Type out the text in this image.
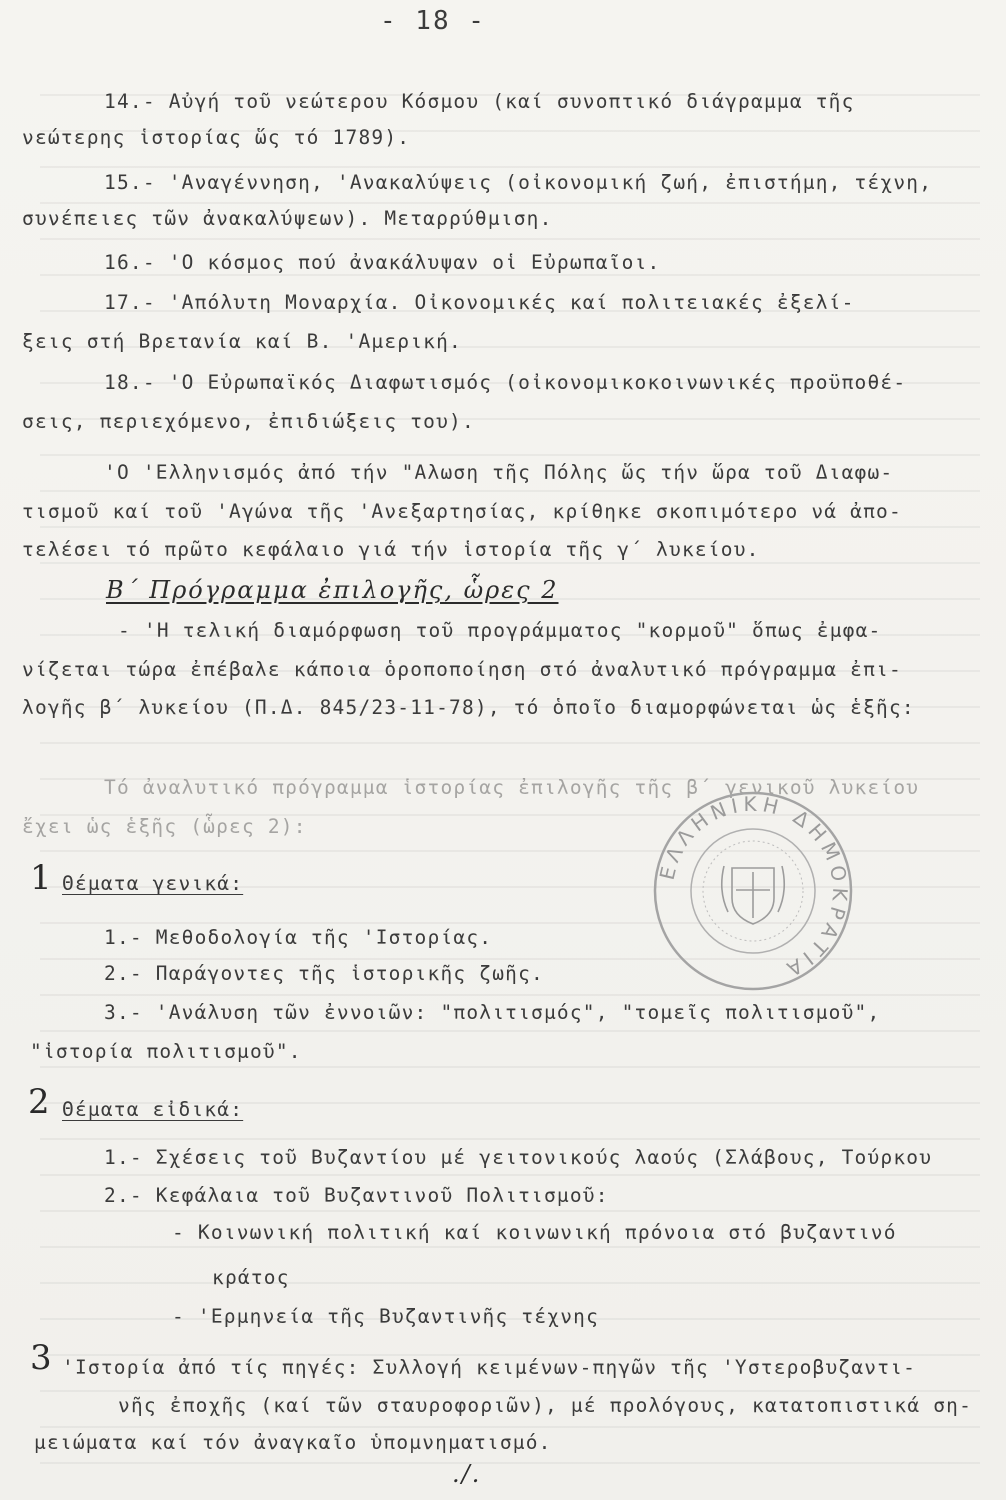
- 18 -
14.- Αὐγή τοῦ νεώτερου Κόσμου (καί συνοπτικό διάγραμμα τῆς
νεώτερης ἱστορίας ὥς τό 1789).
15.- 'Αναγέννηση, 'Ανακαλύψεις (οἰκονομική ζωή, ἐπιστήμη, τέχνη,
συνέπειες τῶν ἀνακαλύψεων). Μεταρρύθμιση.
16.- 'Ο κόσμος πού ἀνακάλυψαν οἱ Εὐρωπαῖοι.
17.- 'Απόλυτη Μοναρχία. Οἰκονομικές καί πολιτειακές ἐξελί-
ξεις στή Βρετανία καί Β. 'Αμερική.
18.- 'Ο Εὐρωπαϊκός Διαφωτισμός (οἰκονομικοκοινωνικές προϋποθέ-
σεις, περιεχόμενο, ἐπιδιώξεις του).
'Ο 'Ελληνισμός ἀπό τήν "Αλωση τῆς Πόλης ὥς τήν ὥρα τοῦ Διαφω-
τισμοῦ καί τοῦ 'Αγώνα τῆς 'Ανεξαρτησίας, κρίθηκε σκοπιμότερο νά ἀπο-
τελέσει τό πρῶτο κεφάλαιο γιά τήν ἱστορία τῆς γ΄ λυκείου.
Β΄ Πρόγραμμα ἐπιλογῆς, ὧρες 2
- 'Η τελική διαμόρφωση τοῦ προγράμματος "κορμοῦ" ὅπως ἐμφα-
νίζεται τώρα ἐπέβαλε κάποια ὁροποποίηση στό ἀναλυτικό πρόγραμμα ἐπι-
λογῆς β΄ λυκείου (Π.Δ. 845/23-11-78), τό ὁποῖο διαμορφώνεται ὡς ἑξῆς:
Τό ἀναλυτικό πρόγραμμα ἱστορίας ἐπιλογῆς τῆς β΄ γενικοῦ λυκείου
ἔχει ὡς ἑξῆς (ὧρες 2):
1 Θέματα γενικά:
1.- Μεθοδολογία τῆς 'Ιστορίας.
2.- Παράγοντες τῆς ἱστορικῆς ζωῆς.
3.- 'Ανάλυση τῶν ἐννοιῶν: "πολιτισμός", "τομεῖς πολιτισμοῦ",
"ἱστορία πολιτισμοῦ".
2 Θέματα εἰδικά:
1.- Σχέσεις τοῦ Βυζαντίου μέ γειτονικούς λαούς (Σλάβους, Τούρκου
2.- Κεφάλαια τοῦ Βυζαντινοῦ Πολιτισμοῦ:
- Κοινωνική πολιτική καί κοινωνική πρόνοια στό βυζαντινό
κράτος
- 'Ερμηνεία τῆς Βυζαντινῆς τέχνης
3 'Ιστορία ἀπό τίς πηγές: Συλλογή κειμένων-πηγῶν τῆς 'Υστεροβυζαντι-
νῆς ἐποχῆς (καί τῶν σταυροφοριῶν), μέ προλόγους, κατατοπιστικά ση-
μειώματα καί τόν ἀναγκαῖο ὑπομνηματισμό.
./.
ΕΛΛΗΝΙΚΗ ΔΗΜΟΚΡΑΤΙΑ
